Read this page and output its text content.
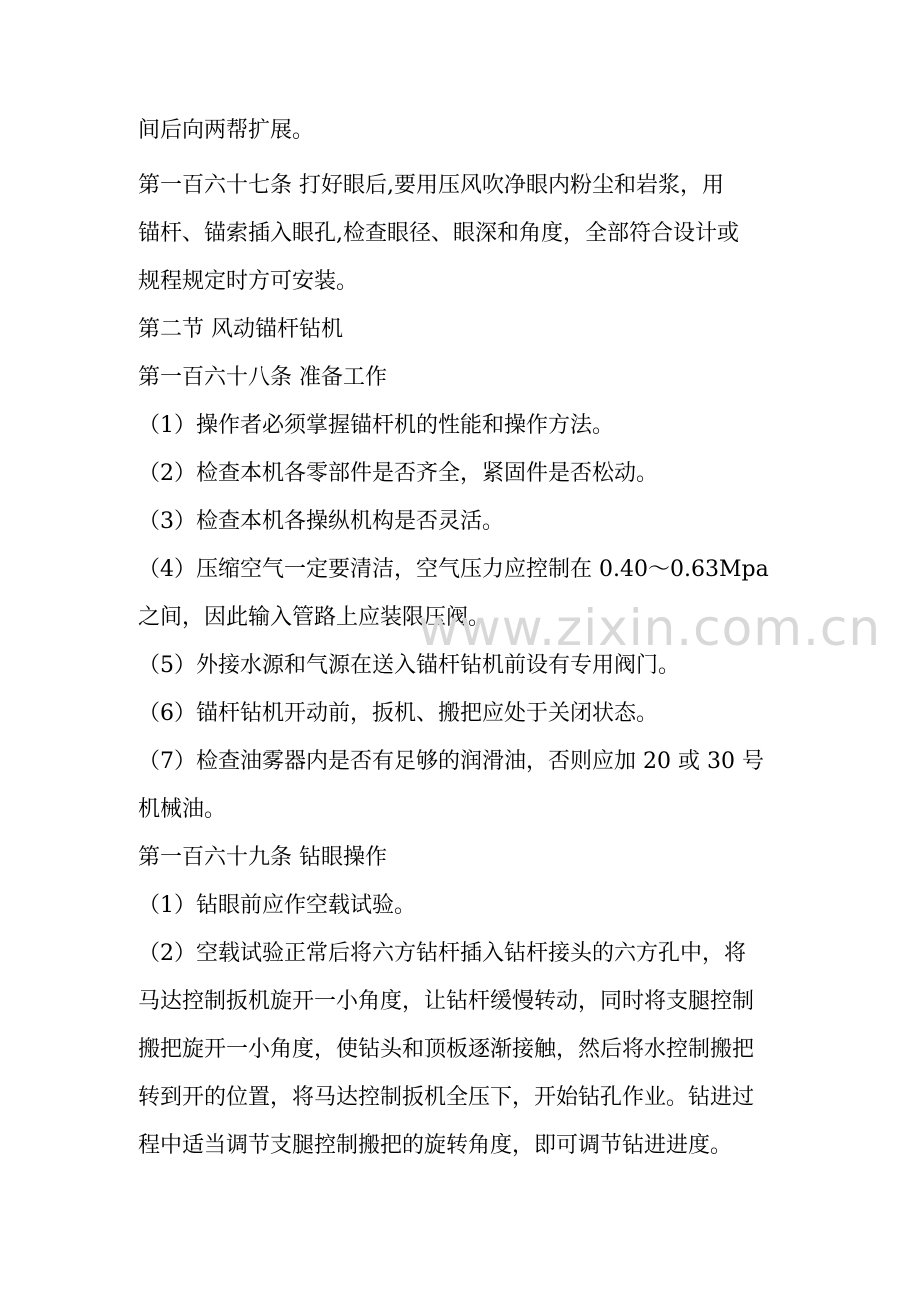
间后向两帮扩展。
第一百六十七条 打好眼后,要用压风吹净眼内粉尘和岩浆，用
锚杆、锚索插入眼孔,检查眼径、眼深和角度，全部符合设计或
规程规定时方可安装。
第二节 风动锚杆钻机
第一百六十八条 准备工作
（1）操作者必须掌握锚杆机的性能和操作方法。
（2）检查本机各零部件是否齐全，紧固件是否松动。
（3）检查本机各操纵机构是否灵活。
（4）压缩空气一定要清洁，空气压力应控制在 0.40～0.63Mpa
之间，因此输入管路上应装限压阀。
（5）外接水源和气源在送入锚杆钻机前设有专用阀门。
（6）锚杆钻机开动前，扳机、搬把应处于关闭状态。
（7）检查油雾器内是否有足够的润滑油，否则应加 20 或 30 号
机械油。
第一百六十九条 钻眼操作
（1）钻眼前应作空载试验。
（2）空载试验正常后将六方钻杆插入钻杆接头的六方孔中，将
马达控制扳机旋开一小角度，让钻杆缓慢转动，同时将支腿控制
搬把旋开一小角度，使钻头和顶板逐渐接触，然后将水控制搬把
转到开的位置，将马达控制扳机全压下，开始钻孔作业。钻进过
程中适当调节支腿控制搬把的旋转角度，即可调节钻进进度。
www.zixin.com.cn
